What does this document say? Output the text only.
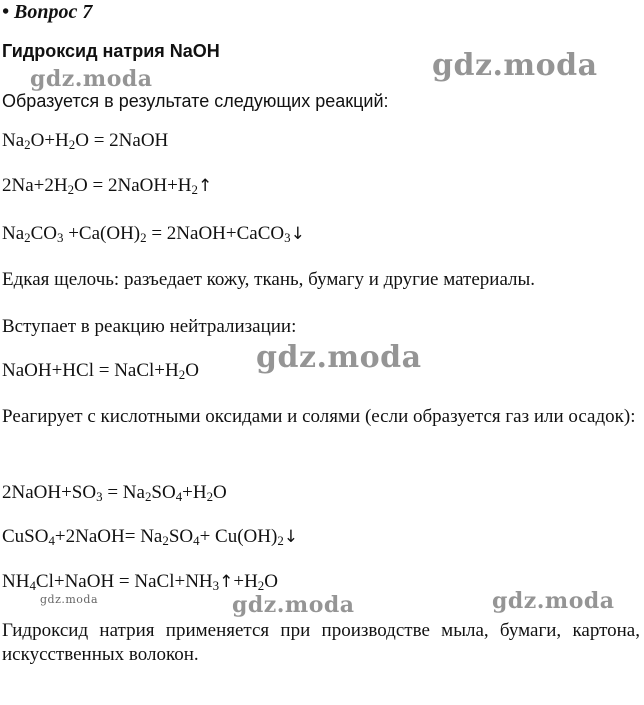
• Вопрос 7
Гидроксид натрия NaOH
Образуется в результате следующих реакций:
$Na_2O+H_2O$ = 2NaOH
$2Na+2H_2O$ = $2NaOH+H_2↑$
$Na_2CO_3 +Ca(OH)_2$ = 2NaOH+CaCO$_3$↓
Едкая щелочь: разъедает кожу, ткань, бумагу и другие материалы.
Вступает в реакцию нейтрализации:
NaOH+HCl = $NaCl+H_2O$
Реагирует с кислотными оксидами и солями (если образуется газ или осадок):
$2NaOH+SO_3 = Na_2SO_4+H_2O$
CuSO$_4$+2NaOH= $Na_2SO_4+$ $Cu(OH)_2↓$
$NH_4Cl+NaOH$ = $NaCl+NH_3↑+H_2O$
Гидроксид натрия применяется при производстве мыла, бумаги, картона, искусственных волокон.
gdz.moda	gdz.moda
gdz.moda
gdz.moda	gdz.moda	gdz.moda
